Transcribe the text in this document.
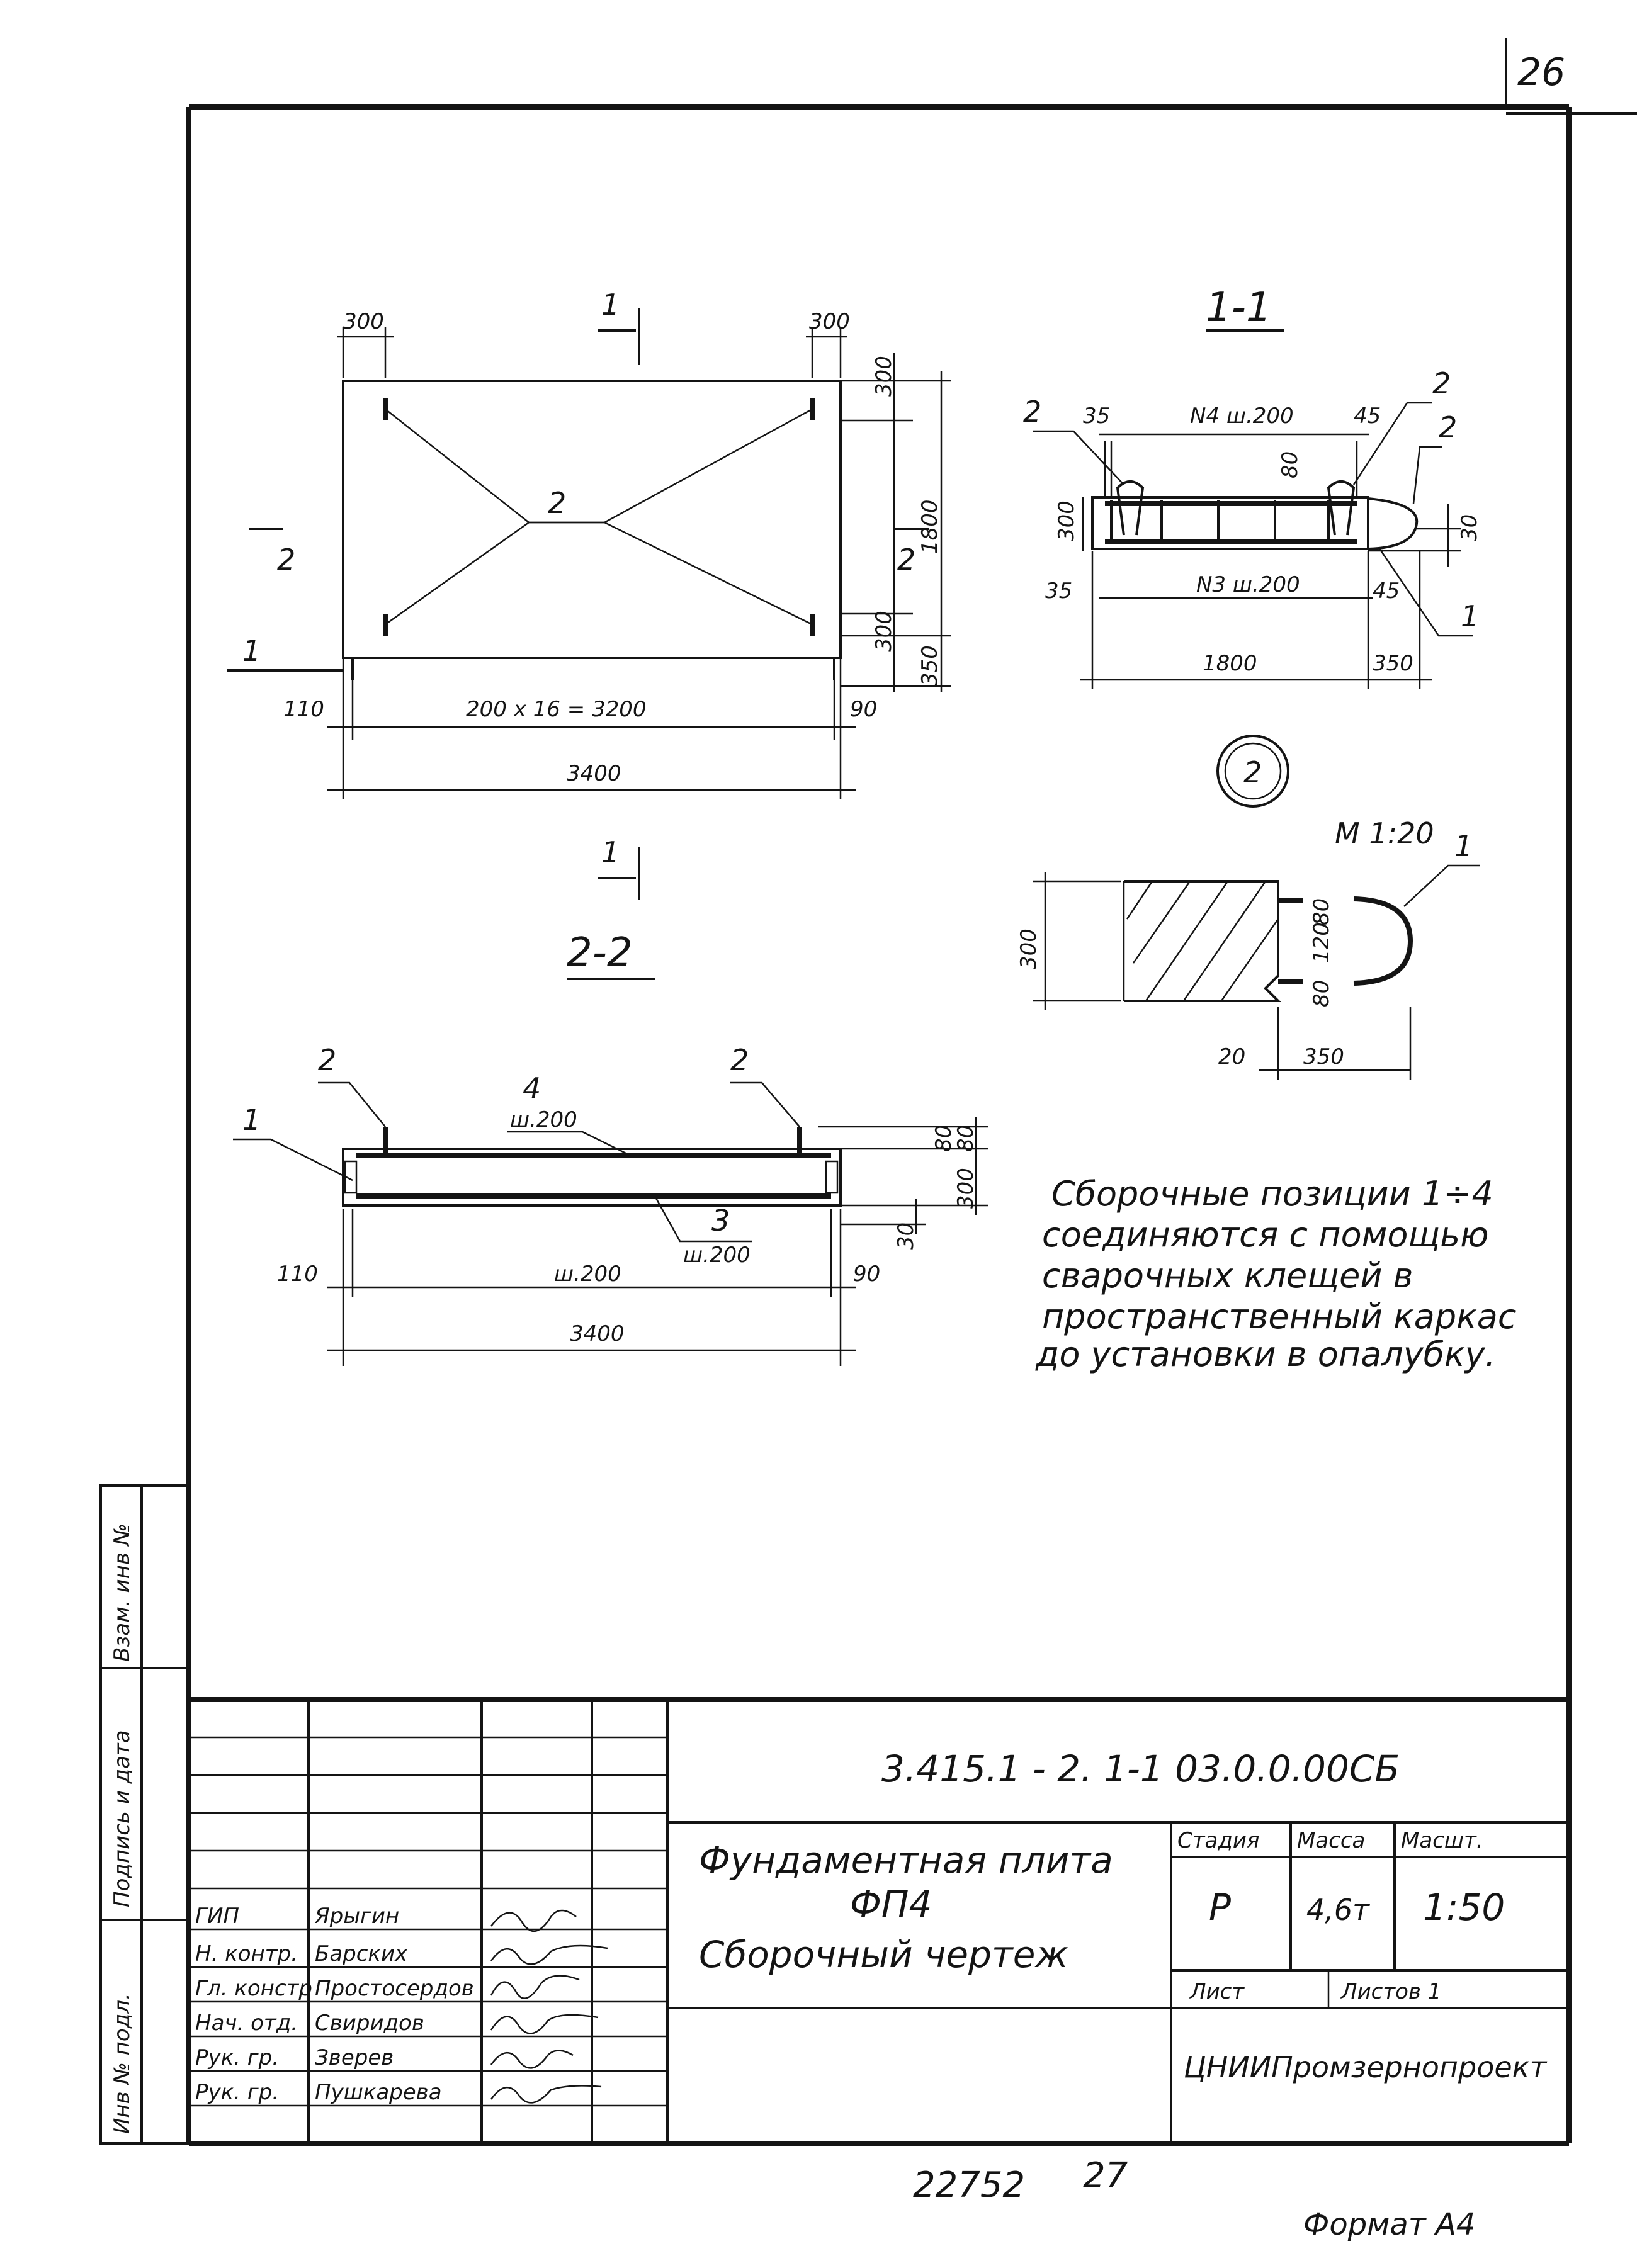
26
300	300
300
300
1800
350
2
200 x 16 = 3200
110	90
3400
1
1
1
2	2
1-1
2
2
2
1
35
35
45
45
N4 ш.200
N3 ш.200
80
300	30
1800	350
2
М 1:20 1
300
80
120
80
20	350
2-2
2	2
1
4
ш.200
3
ш.200
80
80
300
30
110	ш.200	90
3400
Сборочные позиции 1÷4
соединяются с помощью
сварочных клещей в
пространственный каркас
до установки в опалубку.
Инв № подл.
Подпись и дата
Взам. инв №
3.415.1 - 2. 1-1 03.0.0.00СБ
Фундаментная плита
ФП4
Сборочный чертеж
Стадия
Р
Масса
4,6т
Масшт.
1:50
Лист	Листов 1
ЦНИИПромзернопроект
ГИП	Ярыгин
Н. контр. Барских
Гл. констр Простосердов
Нач. отд. Свиридов
Рук. гр. Зверев
Рук. гр. Пушкарева
22752 27
Формат А4
